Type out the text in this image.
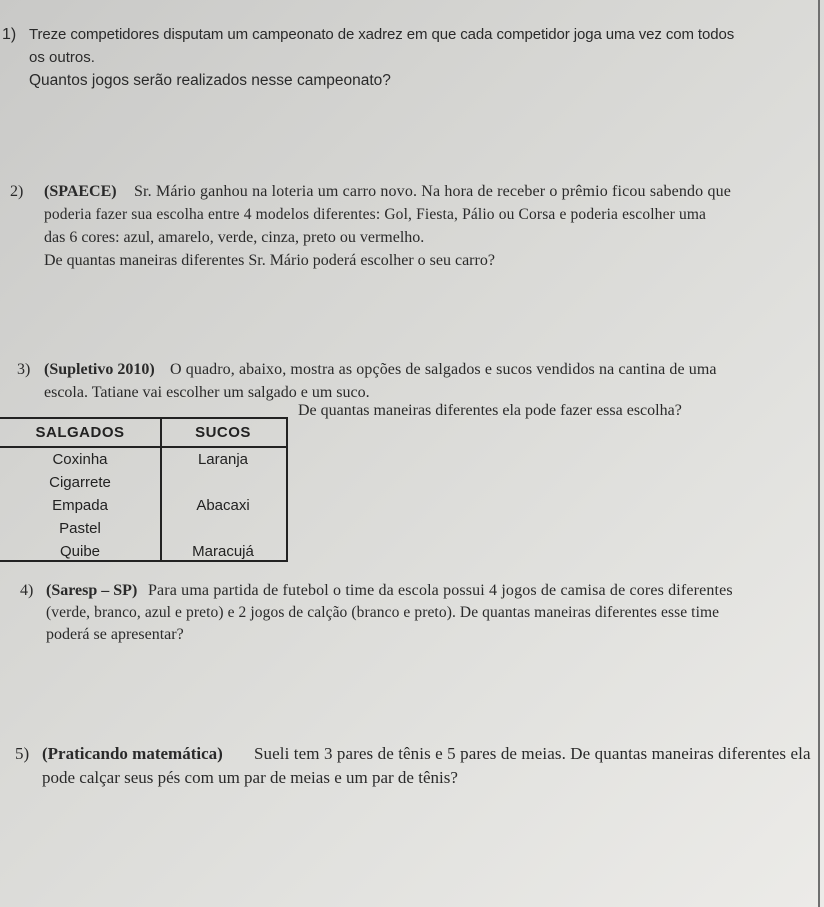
1) Treze competidores disputam um campeonato de xadrez em que cada competidor joga uma vez com todos
os outros.
Quantos jogos serão realizados nesse campeonato?
2) (SPAECE) Sr. Mário ganhou na loteria um carro novo. Na hora de receber o prêmio ficou sabendo que
poderia fazer sua escolha entre 4 modelos diferentes: Gol, Fiesta, Pálio ou Corsa e poderia escolher uma
das 6 cores: azul, amarelo, verde, cinza, preto ou vermelho.
De quantas maneiras diferentes Sr. Mário poderá escolher o seu carro?
3) (Supletivo 2010) O quadro, abaixo, mostra as opções de salgados e sucos vendidos na cantina de uma
escola. Tatiane vai escolher um salgado e um suco.
De quantas maneiras diferentes ela pode fazer essa escolha?
SALGADOS
Coxinha
Cigarrete
Empada
Pastel
Quibe
SUCOS
Laranja
Abacaxi
Maracujá
4) (Saresp – SP) Para uma partida de futebol o time da escola possui 4 jogos de camisa de cores diferentes
(verde, branco, azul e preto) e 2 jogos de calção (branco e preto). De quantas maneiras diferentes esse time
poderá se apresentar?
5) (Praticando matemática) Sueli tem 3 pares de tênis e 5 pares de meias. De quantas maneiras diferentes ela
pode calçar seus pés com um par de meias e um par de tênis?
